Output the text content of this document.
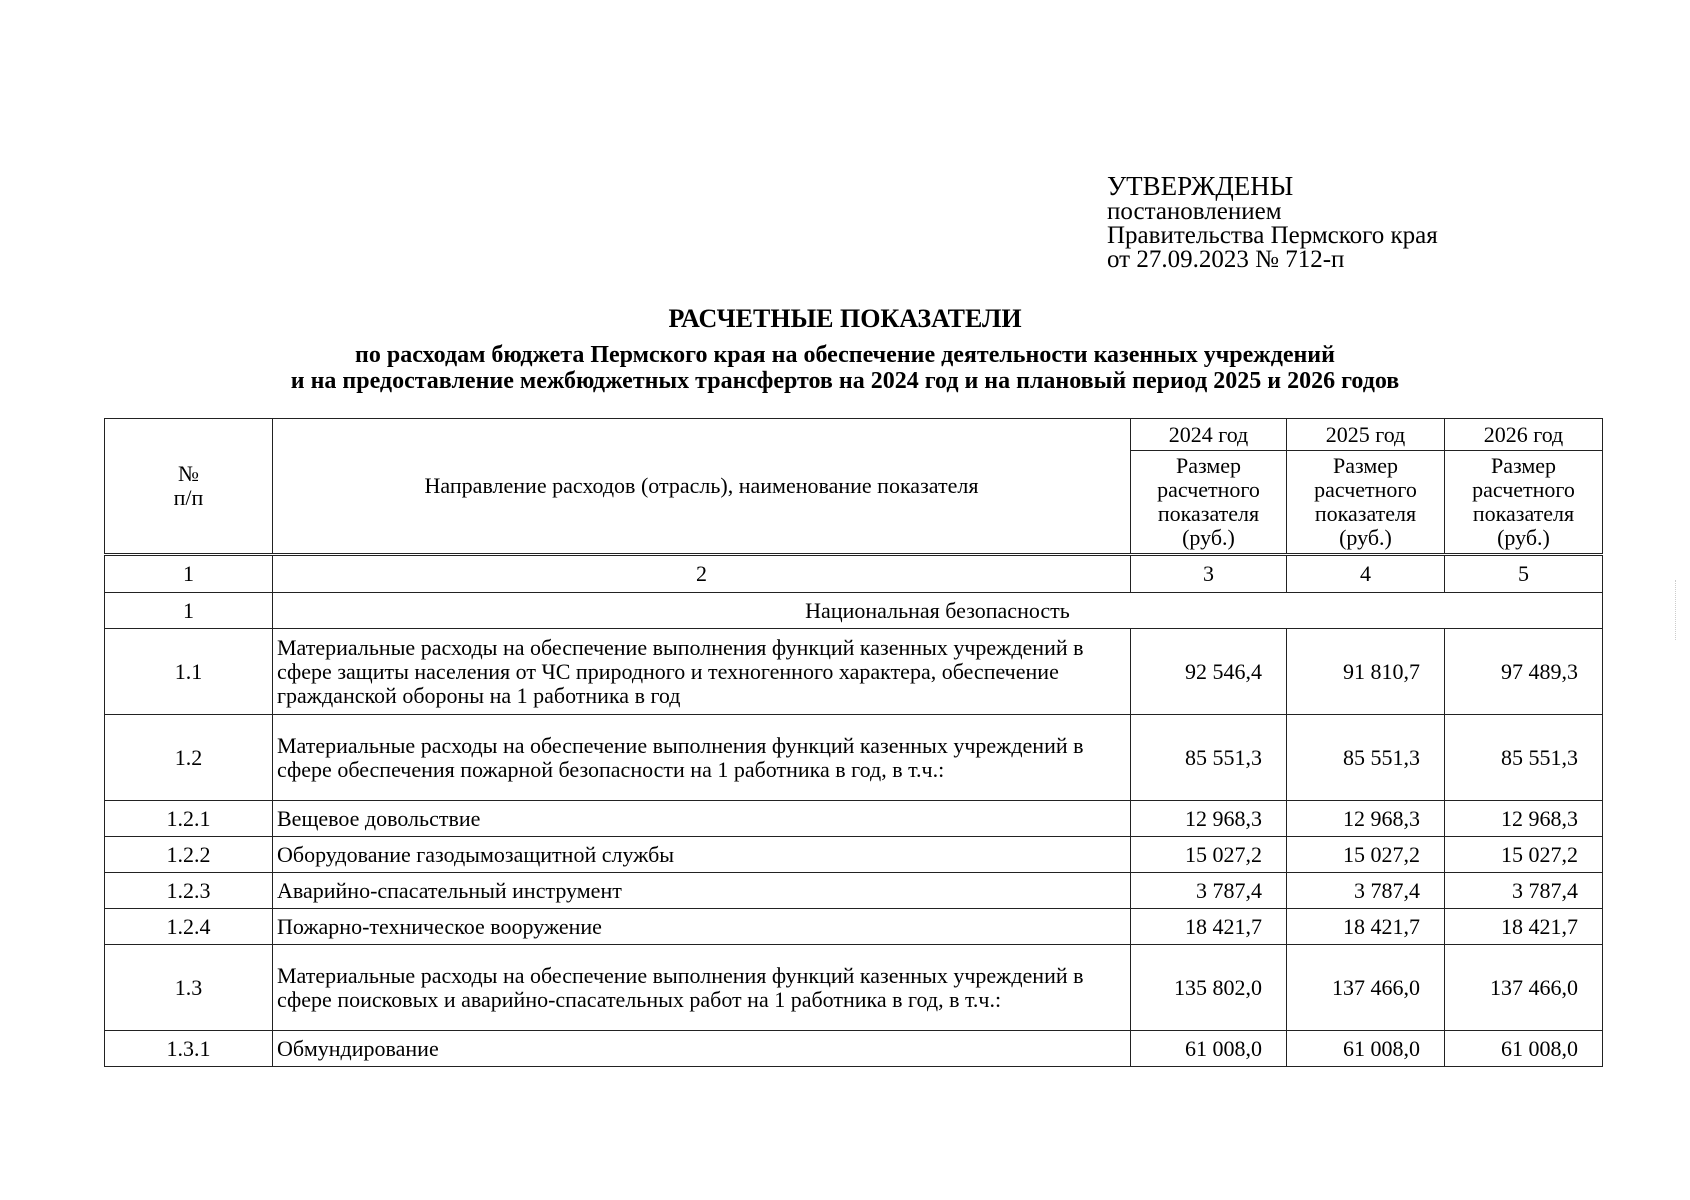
УТВЕРЖДЕНЫ
постановлением
Правительства Пермского края
от 27.09.2023 № 712-п
РАСЧЕТНЫЕ ПОКАЗАТЕЛИ
по расходам бюджета Пермского края на обеспечение деятельности казенных учреждений
и на предоставление межбюджетных трансфертов на 2024 год и на плановый период 2025 и 2026 годов
№
п/п	Направление расходов (отрасль), наименование показателя	2024 год	2025 год	2026 год
		Размер расчетного показателя (руб.)	Размер расчетного показателя (руб.)	Размер расчетного показателя (руб.)
1	2	3	4	5
1	Национальная безопасность			
1.1	Материальные расходы на обеспечение выполнения функций казенных учреждений в сфере защиты населения от ЧС природного и техногенного характера, обеспечение гражданской обороны на 1 работника в год	92 546,4	91 810,7	97 489,3
1.2	Материальные расходы на обеспечение выполнения функций казенных учреждений в сфере обеспечения пожарной безопасности на 1 работника в год, в т.ч.:	85 551,3	85 551,3	85 551,3
1.2.1	Вещевое довольствие	12 968,3	12 968,3	12 968,3
1.2.2	Оборудование газодымозащитной службы	15 027,2	15 027,2	15 027,2
1.2.3	Аварийно-спасательный инструмент	3 787,4	3 787,4	3 787,4
1.2.4	Пожарно-техническое вооружение	18 421,7	18 421,7	18 421,7
1.3	Материальные расходы на обеспечение выполнения функций казенных учреждений в сфере поисковых и аварийно-спасательных работ на 1 работника в год, в т.ч.:	135 802,0	137 466,0	137 466,0
1.3.1	Обмундирование	61 008,0	61 008,0	61 008,0
